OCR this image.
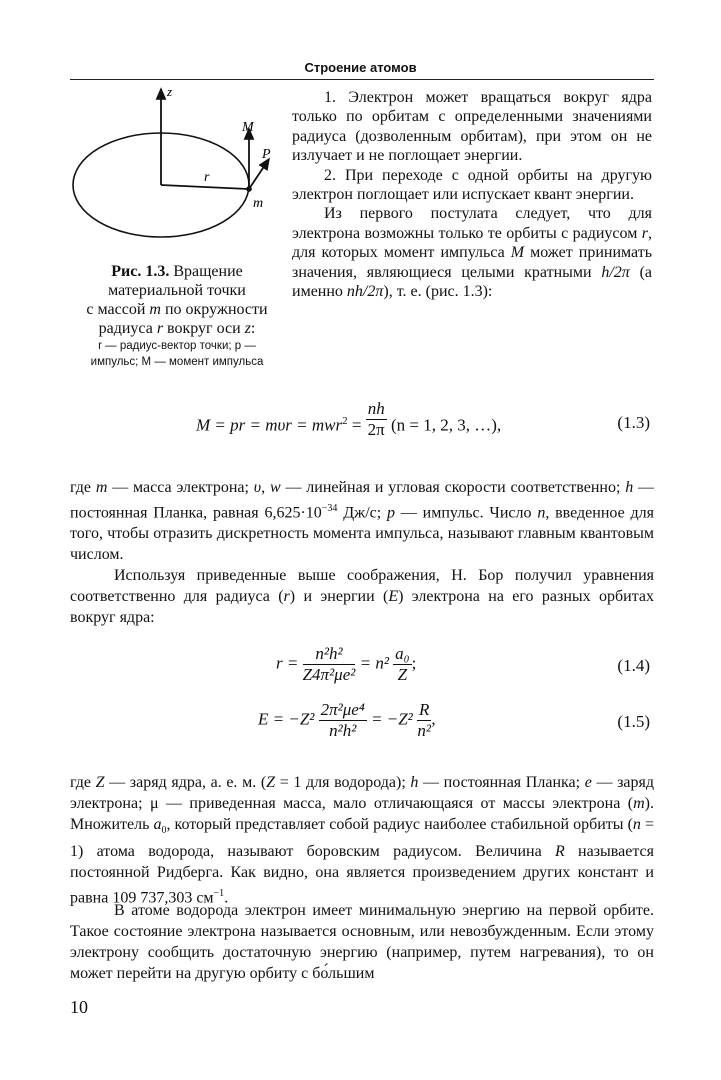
Строение атомов
z
M
P
r
m
Рис. 1.3. Вращение
материальной точки
с массой m по окружности
радиуса r вокруг оси z:
r — радиус-вектор точки; p —
импульс; M — момент импульса

1. Электрон может вращаться вокруг ядра только по орбитам с определенными значениями радиуса (дозволенным орбитам), при этом он не излучает и не поглощает энергии.

2. При переходе с одной орбиты на другую электрон поглощает или испускает квант энергии.

Из первого постулата следует, что для электрона возможны только те орбиты с радиусом r, для которых момент импульса M может принимать значения, являющиеся целыми кратными h/2π (а именно nh/2π), т. е. (рис. 1.3):

M = pr = $m\upsilon r = mwr^2 = \frac{nh}{2\pi} (n = 1$, 2, 3, …),	(1.3)

где m — масса электрона; υ, w — линейная и угловая скорости соответственно; h — постоянная Планка, равная $6,625\cdot 10^{-34}$ Дж/с; p — импульс. Число n, введенное для того, чтобы отразить дискретность момента импульса, называют главным квантовым числом.

Используя приведенные выше соображения, Н. Бор получил уравнения соответственно для радиуса (r) и энергии (E) электрона на его разных орбитах вокруг ядра:

$r = \frac{\text{n²h²}}{\text{Z4π²μe²}} = n^2 \frac{\text{a₀}}{Z}$ ;	(1.4)
$E = -Z^2 \frac{\text{2π²μe⁴}}{\text{n²h²}} = -Z^2 \frac{R}{\text{n²}}$ ,	(1.5)

где Z — заряд ядра, а. е. м. (Z = 1 для водорода); h — постоянная Планка; e — заряд электрона; μ — приведенная масса, мало отличающаяся от массы электрона (m). Множитель $a_0$, который представляет собой радиус наиболее стабильной орбиты (n = 1) атома водорода, называют боровским радиусом. Величина R называется постоянной Ридберга. Как видно, она является произведением других констант и равна 109 737,303 $см^{-1}$.

В атоме водорода электрон имеет минимальную энергию на первой орбите. Такое состояние электрона называется основным, или невозбужденным. Если этому электрону сообщить достаточную энергию (например, путем нагревания), то он может перейти на другую орбиту с бо́льшим

10
